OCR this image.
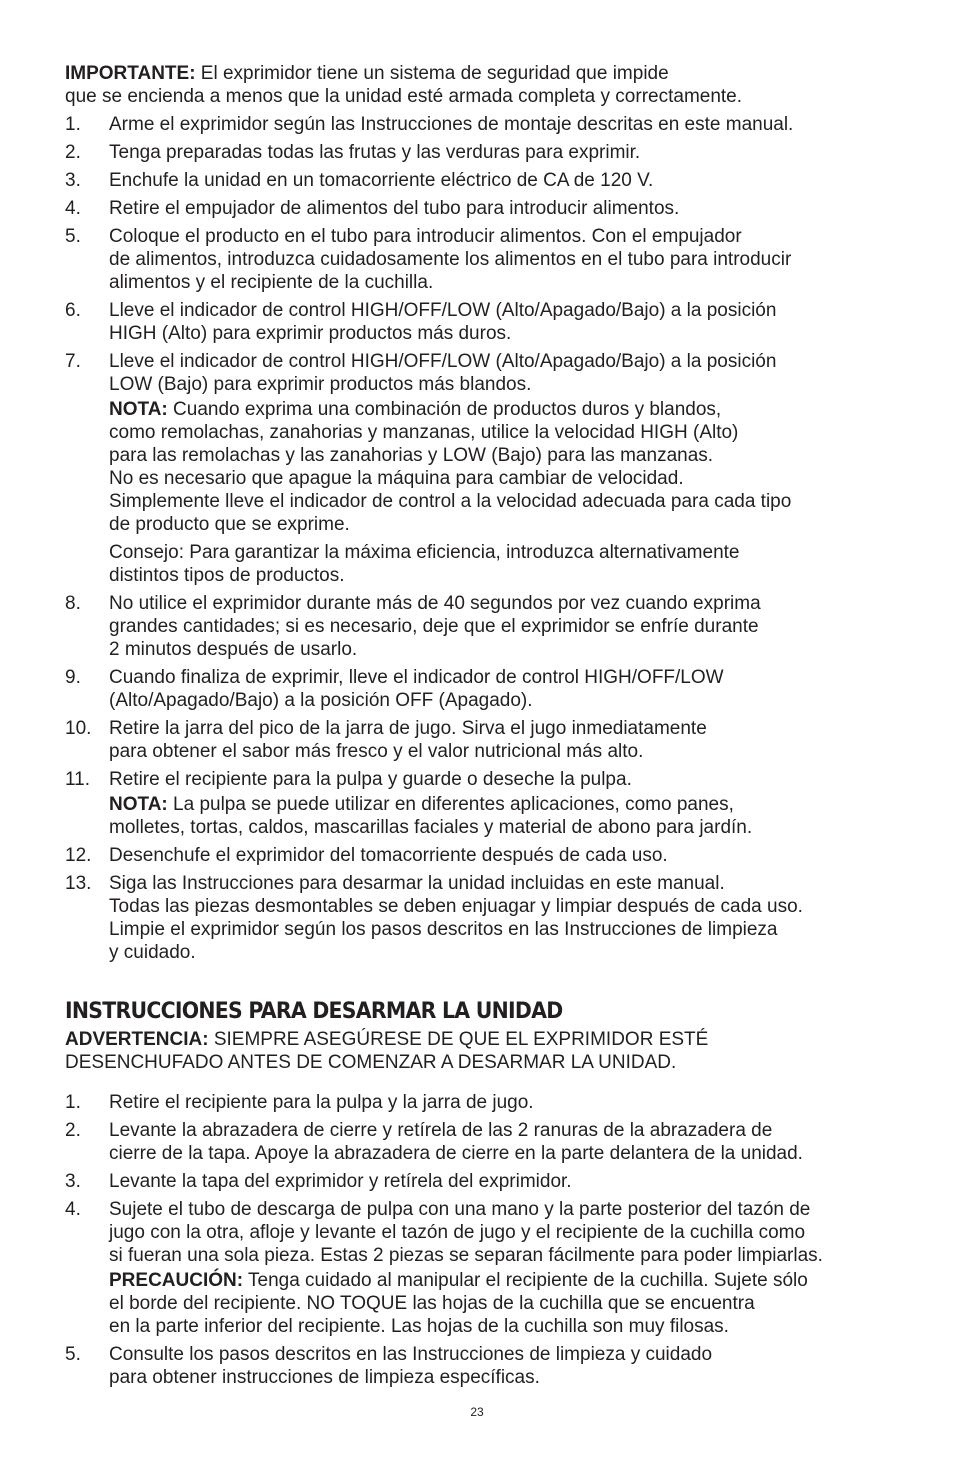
IMPORTANTE: El exprimidor tiene un sistema de seguridad que impide
que se encienda a menos que la unidad esté armada completa y correctamente.
1. Arme el exprimidor según las Instrucciones de montaje descritas en este manual.
2. Tenga preparadas todas las frutas y las verduras para exprimir.
3. Enchufe la unidad en un tomacorriente eléctrico de CA de 120 V.
4. Retire el empujador de alimentos del tubo para introducir alimentos.
5. Coloque el producto en el tubo para introducir alimentos. Con el empujador
de alimentos, introduzca cuidadosamente los alimentos en el tubo para introducir
alimentos y el recipiente de la cuchilla.
6. Lleve el indicador de control HIGH/OFF/LOW (Alto/Apagado/Bajo) a la posición
HIGH (Alto) para exprimir productos más duros.
7. Lleve el indicador de control HIGH/OFF/LOW (Alto/Apagado/Bajo) a la posición
LOW (Bajo) para exprimir productos más blandos.
NOTA: Cuando exprima una combinación de productos duros y blandos,
como remolachas, zanahorias y manzanas, utilice la velocidad HIGH (Alto)
para las remolachas y las zanahorias y LOW (Bajo) para las manzanas.
No es necesario que apague la máquina para cambiar de velocidad.
Simplemente lleve el indicador de control a la velocidad adecuada para cada tipo
de producto que se exprime.
Consejo: Para garantizar la máxima eficiencia, introduzca alternativamente
distintos tipos de productos.
8. No utilice el exprimidor durante más de 40 segundos por vez cuando exprima
grandes cantidades; si es necesario, deje que el exprimidor se enfríe durante
2 minutos después de usarlo.
9. Cuando finaliza de exprimir, lleve el indicador de control HIGH/OFF/LOW
(Alto/Apagado/Bajo) a la posición OFF (Apagado).
10. Retire la jarra del pico de la jarra de jugo. Sirva el jugo inmediatamente
para obtener el sabor más fresco y el valor nutricional más alto.
11. Retire el recipiente para la pulpa y guarde o deseche la pulpa.
NOTA: La pulpa se puede utilizar en diferentes aplicaciones, como panes,
molletes, tortas, caldos, mascarillas faciales y material de abono para jardín.
12. Desenchufe el exprimidor del tomacorriente después de cada uso.
13. Siga las Instrucciones para desarmar la unidad incluidas en este manual.
Todas las piezas desmontables se deben enjuagar y limpiar después de cada uso.
Limpie el exprimidor según los pasos descritos en las Instrucciones de limpieza
y cuidado.
INSTRUCCIONES PARA DESARMAR LA UNIDAD
ADVERTENCIA: SIEMPRE ASEGÚRESE DE QUE EL EXPRIMIDOR ESTÉ
DESENCHUFADO ANTES DE COMENZAR A DESARMAR LA UNIDAD.
1. Retire el recipiente para la pulpa y la jarra de jugo.
2. Levante la abrazadera de cierre y retírela de las 2 ranuras de la abrazadera de
cierre de la tapa. Apoye la abrazadera de cierre en la parte delantera de la unidad.
3. Levante la tapa del exprimidor y retírela del exprimidor.
4. Sujete el tubo de descarga de pulpa con una mano y la parte posterior del tazón de
jugo con la otra, afloje y levante el tazón de jugo y el recipiente de la cuchilla como
si fueran una sola pieza. Estas 2 piezas se separan fácilmente para poder limpiarlas.
PRECAUCIÓN: Tenga cuidado al manipular el recipiente de la cuchilla. Sujete sólo
el borde del recipiente. NO TOQUE las hojas de la cuchilla que se encuentra
en la parte inferior del recipiente. Las hojas de la cuchilla son muy filosas.
5. Consulte los pasos descritos en las Instrucciones de limpieza y cuidado
para obtener instrucciones de limpieza específicas.
23
